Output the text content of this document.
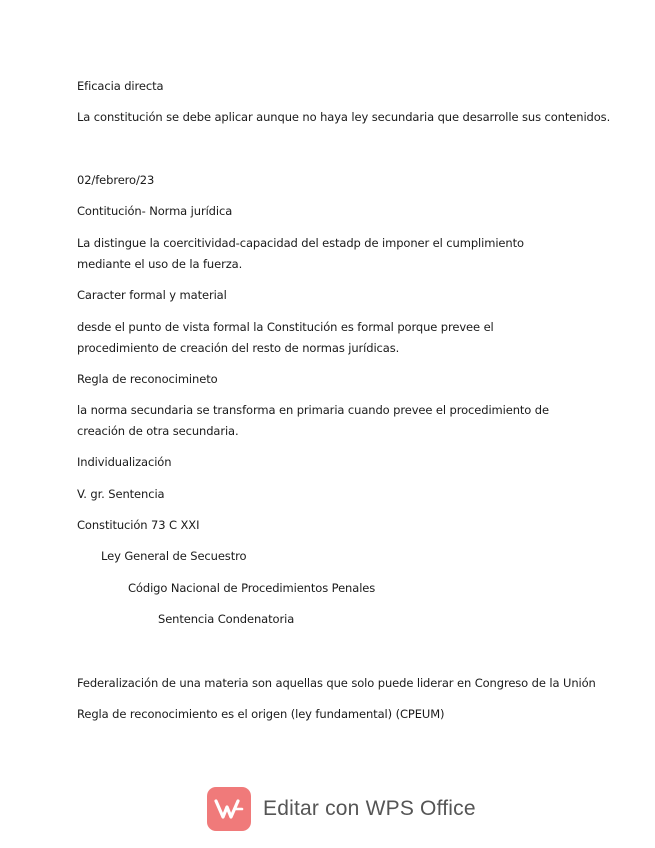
Eficacia directa

La constitución se debe aplicar aunque no haya ley secundaria que desarrolle sus contenidos.

02/febrero/23

Contitución- Norma jurídica

La distingue la coercitividad-capacidad del estadp de imponer el cumplimiento mediante el uso de la fuerza.

Caracter formal y material

desde el punto de vista formal la Constitución es formal porque prevee el procedimiento de creación del resto de normas jurídicas.

Regla de reconocimineto

la norma secundaria se transforma en primaria cuando prevee el procedimiento de creación de otra secundaria.

Individualización

V. gr. Sentencia

Constitución 73 C XXI

Ley General de Secuestro

Código Nacional de Procedimientos Penales

Sentencia Condenatoria

Federalización de una materia son aquellas que solo puede liderar en Congreso de la Unión

Regla de reconocimiento es el origen (ley fundamental) (CPEUM)

Editar con WPS Office
